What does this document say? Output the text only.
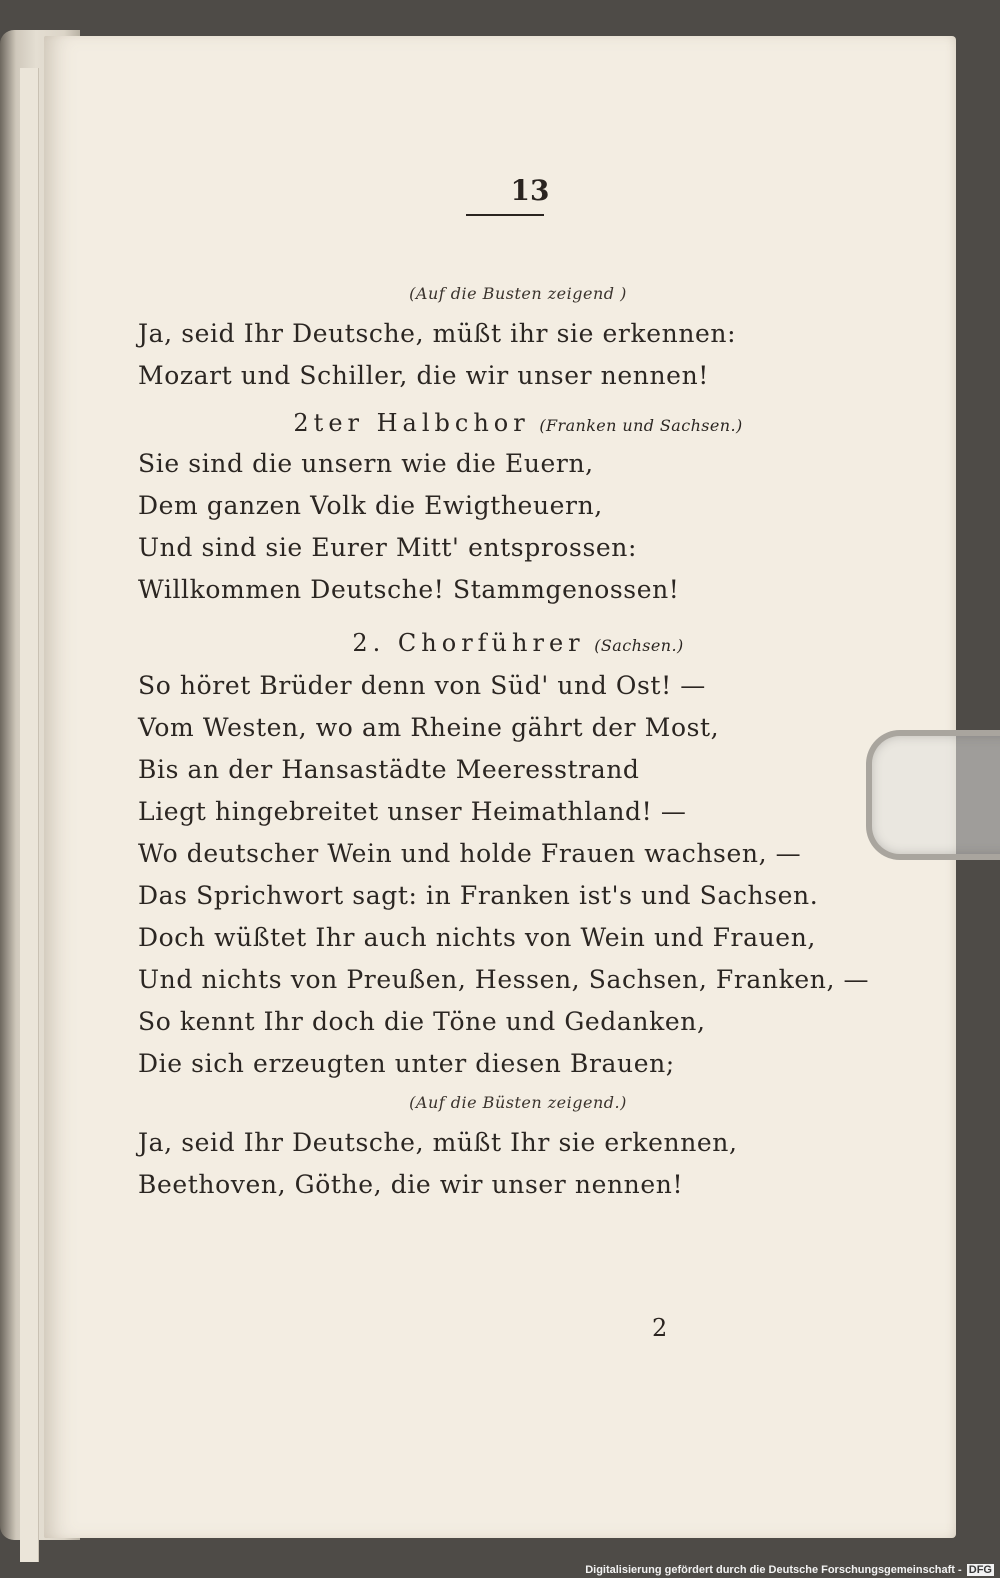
13
(Auf die Busten zeigend )
Ja, seid Ihr Deutsche, müßt ihr sie erkennen:
Mozart und Schiller, die wir unser nennen!
2ter Halbchor (Franken und Sachsen.)
Sie sind die unsern wie die Euern,
Dem ganzen Volk die Ewigtheuern,
Und sind sie Eurer Mitt' entsprossen:
Willkommen Deutsche! Stammgenossen!
2. Chorführer (Sachsen.)
So höret Brüder denn von Süd' und Ost! —
Vom Westen, wo am Rheine gährt der Most,
Bis an der Hansastädte Meeresstrand
Liegt hingebreitet unser Heimathland! —
Wo deutscher Wein und holde Frauen wachsen, —
Das Sprichwort sagt: in Franken ist's und Sachsen.
Doch wüßtet Ihr auch nichts von Wein und Frauen,
Und nichts von Preußen, Hessen, Sachsen, Franken, —
So kennt Ihr doch die Töne und Gedanken,
Die sich erzeugten unter diesen Brauen;
(Auf die Büsten zeigend.)
Ja, seid Ihr Deutsche, müßt Ihr sie erkennen,
Beethoven, Göthe, die wir unser nennen!
2
Digitalisierung gefördert durch die Deutsche Forschungsgemeinschaft - DFG
